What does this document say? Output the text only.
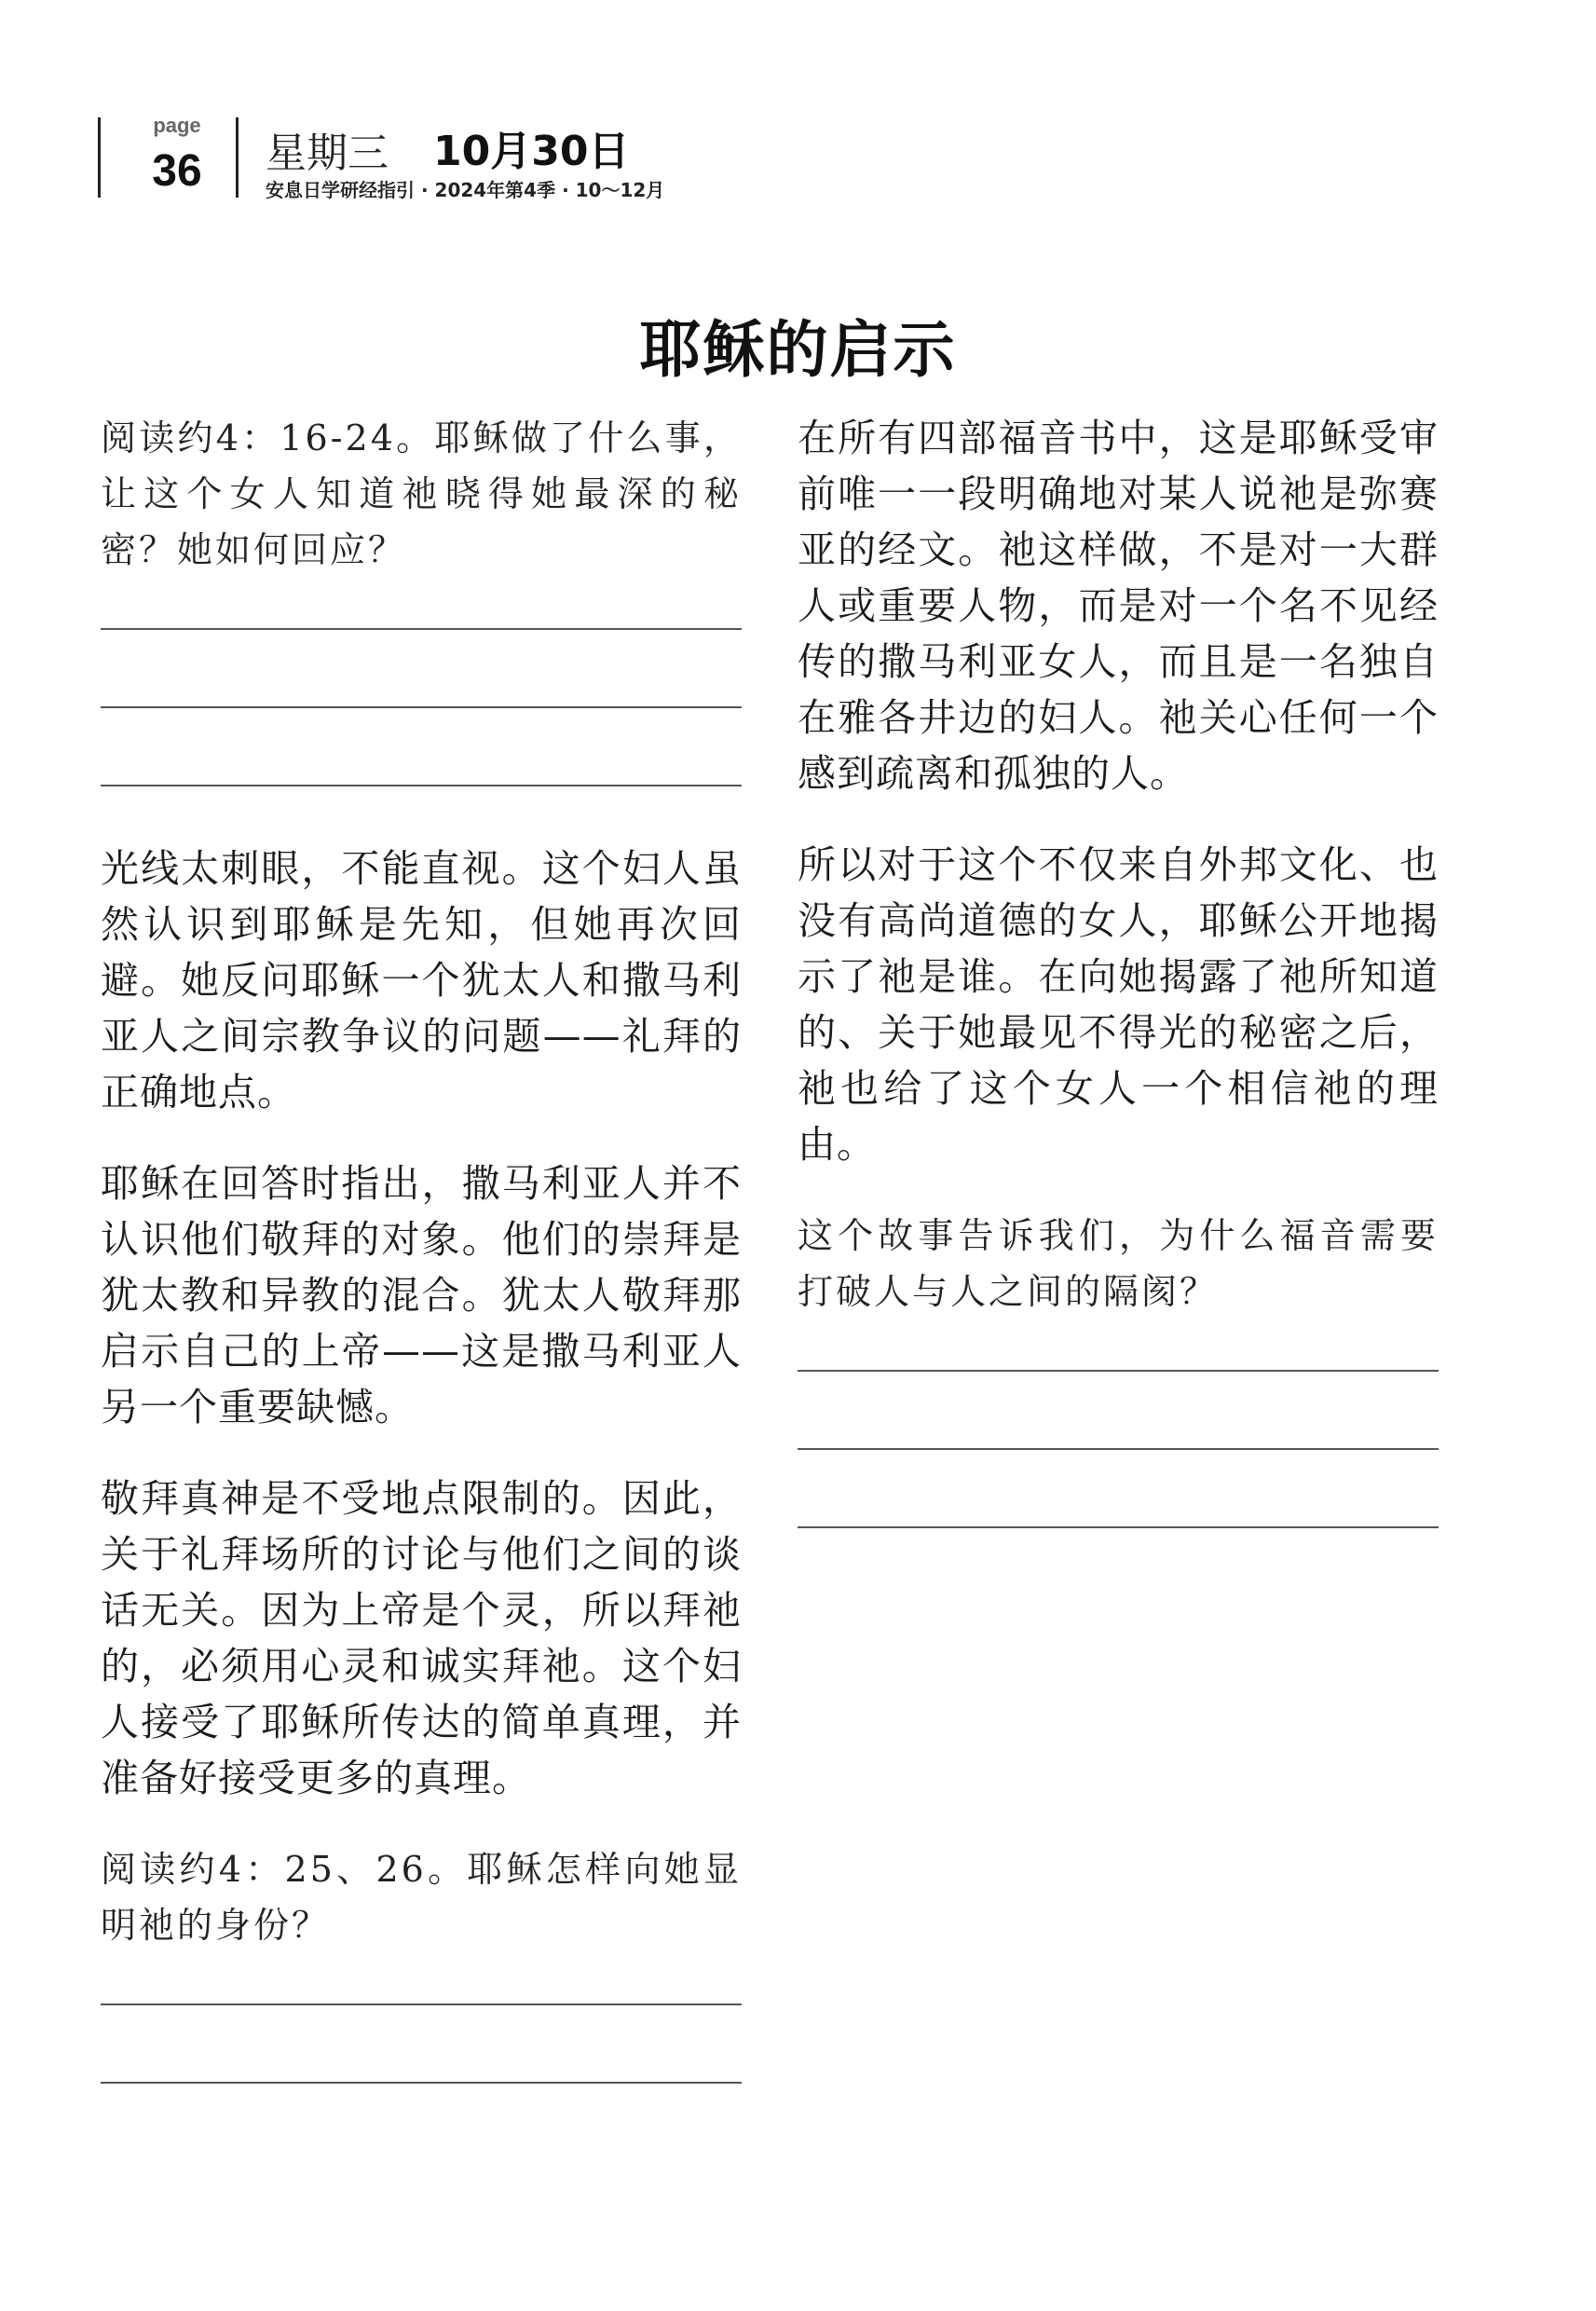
page
36	星期三 10月30日
安息日学研经指引 · 2024年第4季 · 10～12月
耶稣的启示

阅读约4：16-24。耶稣做了什么事，让这个女人知道祂晓得她最深的秘密？她如何回应？

光线太刺眼，不能直视。这个妇人虽然认识到耶稣是先知，但她再次回避。她反问耶稣一个犹太人和撒马利亚人之间宗教争议的问题——礼拜的正确地点。

耶稣在回答时指出，撒马利亚人并不认识他们敬拜的对象。他们的崇拜是犹太教和异教的混合。犹太人敬拜那启示自己的上帝——这是撒马利亚人另一个重要缺憾。

敬拜真神是不受地点限制的。因此，关于礼拜场所的讨论与他们之间的谈话无关。因为上帝是个灵，所以拜祂的，必须用心灵和诚实拜祂。这个妇人接受了耶稣所传达的简单真理，并准备好接受更多的真理。

阅读约4：25、26。耶稣怎样向她显明祂的身份？

在所有四部福音书中，这是耶稣受审前唯一一段明确地对某人说祂是弥赛亚的经文。祂这样做，不是对一大群人或重要人物，而是对一个名不见经传的撒马利亚女人，而且是一名独自在雅各井边的妇人。祂关心任何一个感到疏离和孤独的人。

所以对于这个不仅来自外邦文化、也没有高尚道德的女人，耶稣公开地揭示了祂是谁。在向她揭露了祂所知道的、关于她最见不得光的秘密之后，祂也给了这个女人一个相信祂的理由。

这个故事告诉我们，为什么福音需要打破人与人之间的隔阂？
